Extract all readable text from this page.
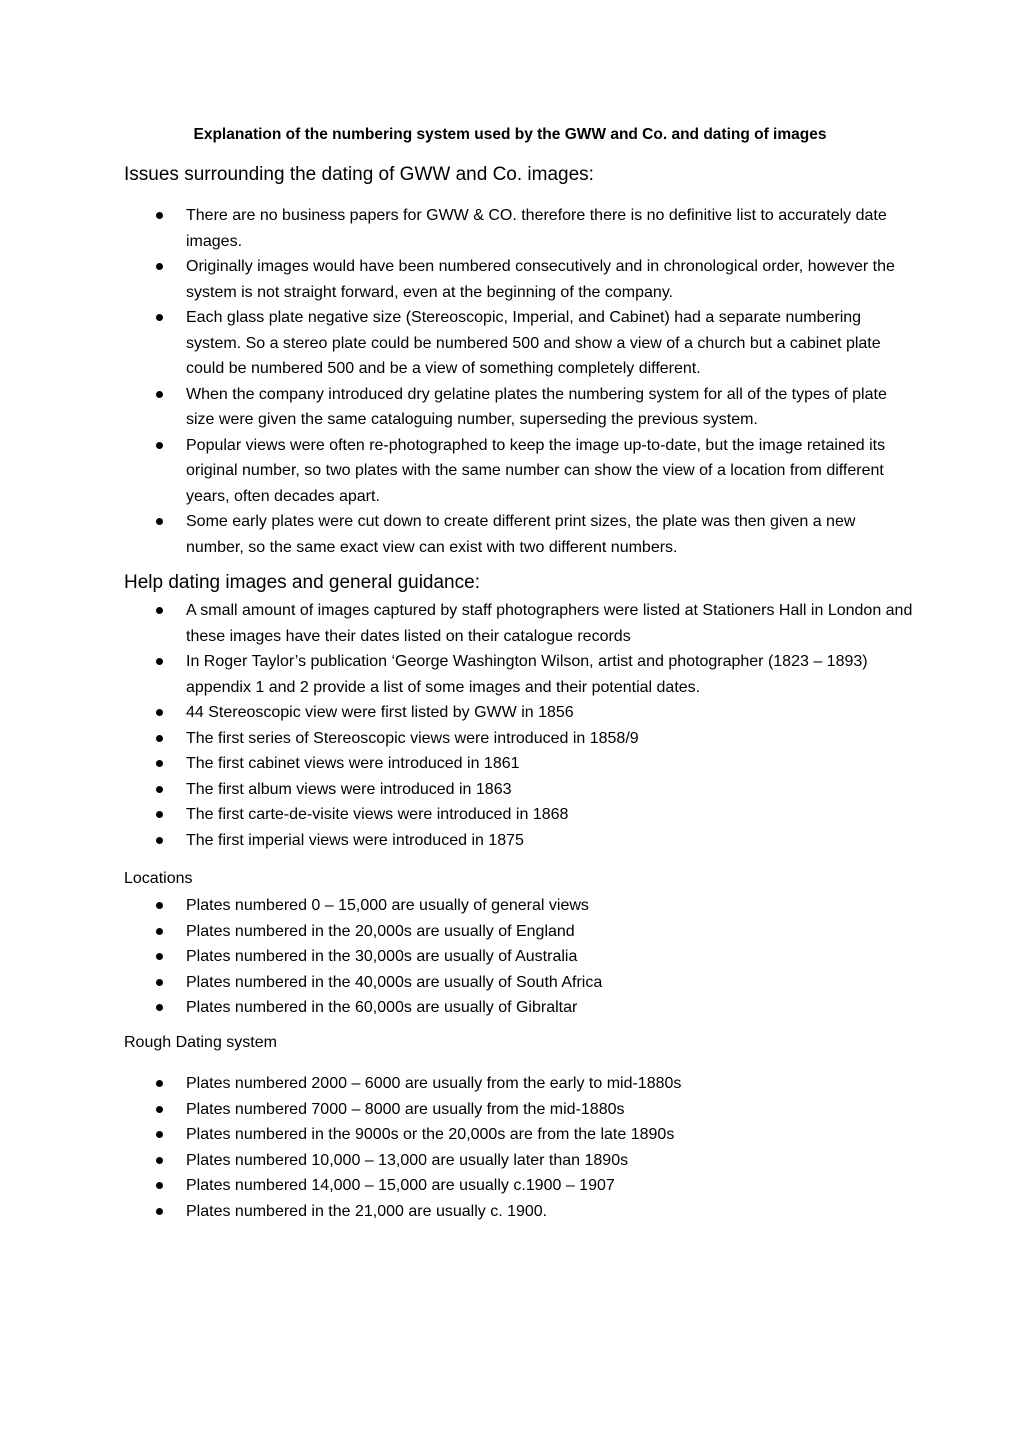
Explanation of the numbering system used by the GWW and Co. and dating of images
Issues surrounding the dating of GWW and Co. images:
There are no business papers for GWW & CO. therefore there is no definitive list to accurately date images.
Originally images would have been numbered consecutively and in chronological order, however the system is not straight forward, even at the beginning of the company.
Each glass plate negative size (Stereoscopic, Imperial, and Cabinet) had a separate numbering system. So a stereo plate could be numbered 500 and show a view of a church but a cabinet plate could be numbered 500 and be a view of something completely different.
When the company introduced dry gelatine plates the numbering system for all of the types of plate size were given the same cataloguing number, superseding the previous system.
Popular views were often re-photographed to keep the image up-to-date, but the image retained its original number, so two plates with the same number can show the view of a location from different years, often decades apart.
Some early plates were cut down to create different print sizes, the plate was then given a new number, so the same exact view can exist with two different numbers.
Help dating images and general guidance:
A small amount of images captured by staff photographers were listed at Stationers Hall in London and these images have their dates listed on their catalogue records
In Roger Taylor’s publication ‘George Washington Wilson, artist and photographer (1823 – 1893) appendix 1 and 2 provide a list of some images and their potential dates.
44 Stereoscopic view were first listed by GWW in 1856
The first series of Stereoscopic views were introduced in 1858/9
The first cabinet views were introduced in 1861
The first album views were introduced in 1863
The first carte-de-visite views were introduced in 1868
The first imperial views were introduced in 1875
Locations
Plates numbered 0 – 15,000 are usually of general views
Plates numbered in the 20,000s are usually of England
Plates numbered in the 30,000s are usually of Australia
Plates numbered in the 40,000s are usually of South Africa
Plates numbered in the 60,000s are usually of Gibraltar
Rough Dating system
Plates numbered 2000 – 6000 are usually from the early to mid-1880s
Plates numbered 7000 – 8000 are usually from the mid-1880s
Plates numbered in the 9000s or the 20,000s are from the late 1890s
Plates numbered 10,000 – 13,000 are usually later than 1890s
Plates numbered 14,000 – 15,000 are usually c.1900 – 1907
Plates numbered in the 21,000 are usually c. 1900.
